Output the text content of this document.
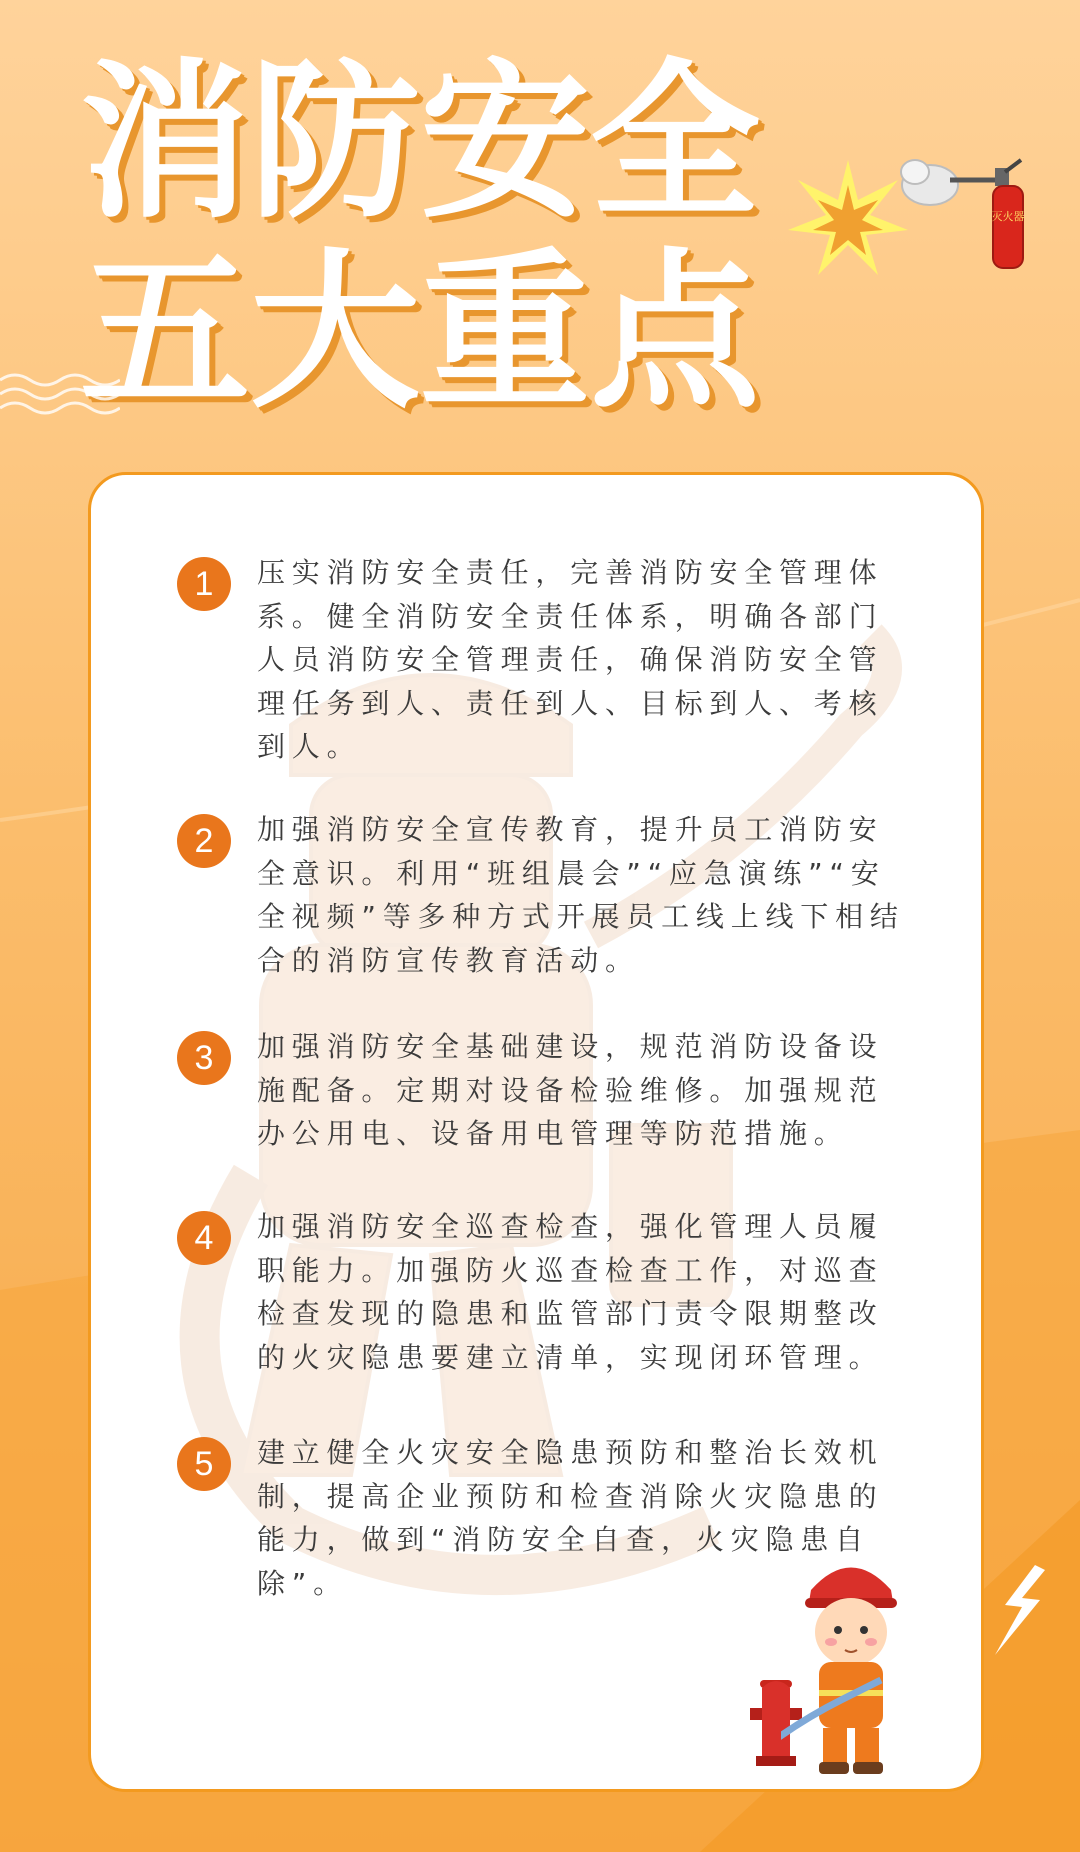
消防安全
五大重点
灭火器
1	压实消防安全责任，完善消防安全管理体系。健全消防安全责任体系，明确各部门人员消防安全管理责任，确保消防安全管理任务到人、责任到人、目标到人、考核到人。

2	加强消防安全宣传教育，提升员工消防安全意识。利用“班组晨会”“应急演练”“安全视频”等多种方式开展员工线上线下相结合的消防宣传教育活动。

3	加强消防安全基础建设，规范消防设备设施配备。定期对设备检验维修。加强规范办公用电、设备用电管理等防范措施。

4	加强消防安全巡查检查，强化管理人员履职能力。加强防火巡查检查工作，对巡查检查发现的隐患和监管部门责令限期整改的火灾隐患要建立清单，实现闭环管理。

5	建立健全火灾安全隐患预防和整治长效机制，提高企业预防和检查消除火灾隐患的能力，做到“消防安全自查，火灾隐患自除”。
